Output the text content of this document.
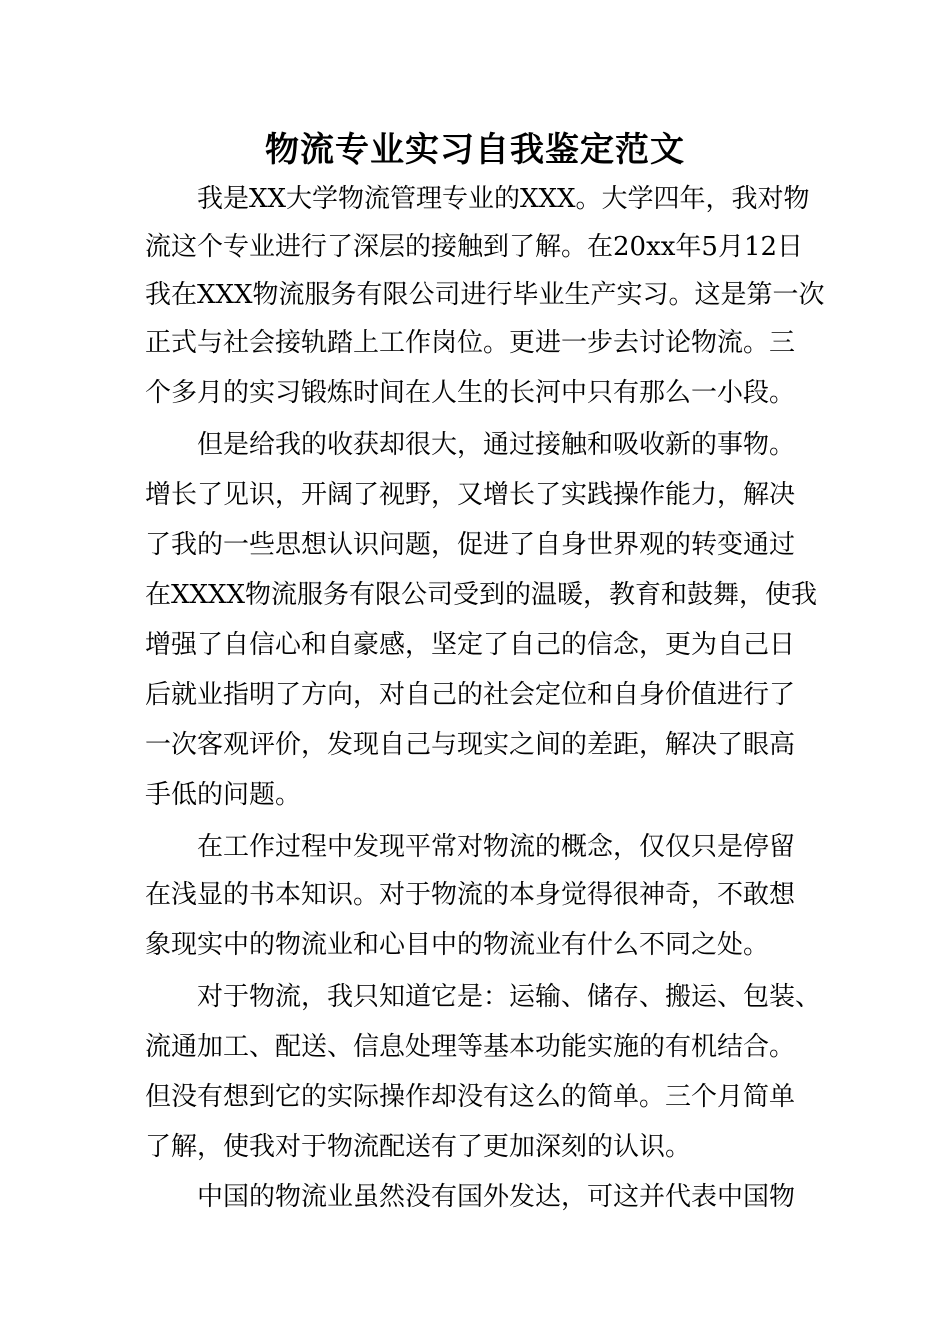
物流专业实习自我鉴定范文
　　我是XX大学物流管理专业的XXX。大学四年，我对物
流这个专业进行了深层的接触到了解。在20xx年5月12日
我在XXX物流服务有限公司进行毕业生产实习。这是第一次
正式与社会接轨踏上工作岗位。更进一步去讨论物流。三
个多月的实习锻炼时间在人生的长河中只有那么一小段。
　　但是给我的收获却很大，通过接触和吸收新的事物。
增长了见识，开阔了视野，又增长了实践操作能力，解决
了我的一些思想认识问题，促进了自身世界观的转变通过
在XXXX物流服务有限公司受到的温暖，教育和鼓舞，使我
增强了自信心和自豪感，坚定了自己的信念，更为自己日
后就业指明了方向，对自己的社会定位和自身价值进行了
一次客观评价，发现自己与现实之间的差距，解决了眼高
手低的问题。
　　在工作过程中发现平常对物流的概念，仅仅只是停留
在浅显的书本知识。对于物流的本身觉得很神奇，不敢想
象现实中的物流业和心目中的物流业有什么不同之处。
　　对于物流，我只知道它是：运输、储存、搬运、包装、
流通加工、配送、信息处理等基本功能实施的有机结合。
但没有想到它的实际操作却没有这么的简单。三个月简单
了解，使我对于物流配送有了更加深刻的认识。
　　中国的物流业虽然没有国外发达，可这并代表中国物
